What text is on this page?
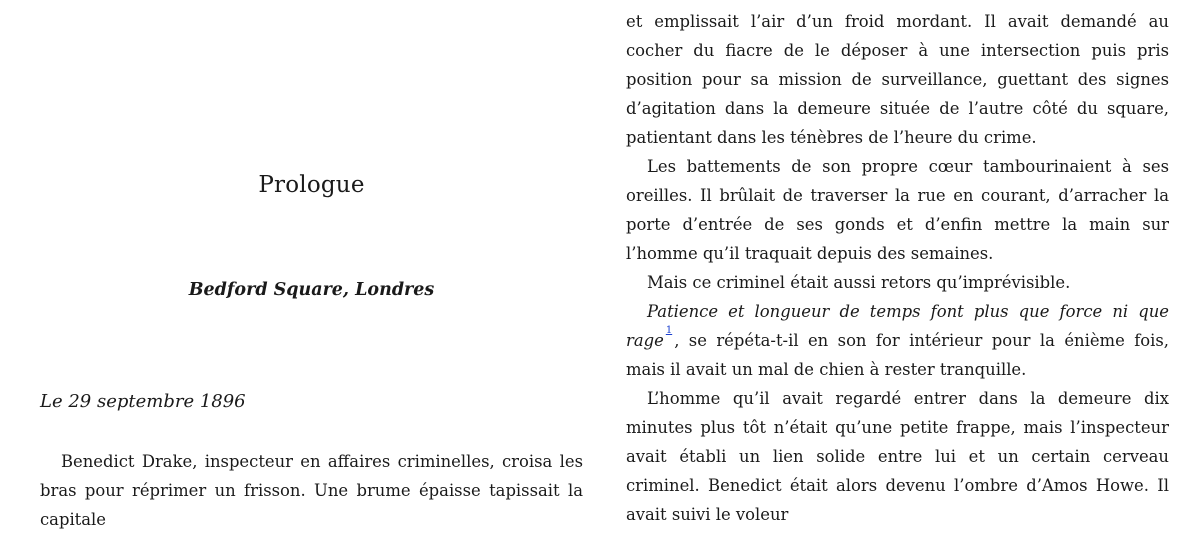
Prologue
Bedford Square, Londres

Le 29 septembre 1896

Benedict Drake, inspecteur en affaires criminelles, croisa les bras pour réprimer un frisson. Une brume épaisse tapissait la capitale

et emplissait l’air d’un froid mordant. Il avait demandé au cocher du fiacre de le déposer à une intersection puis pris position pour sa mission de surveillance, guettant des signes d’agitation dans la demeure située de l’autre côté du square, patientant dans les ténèbres de l’heure du crime.

Les battements de son propre cœur tambourinaient à ses oreilles. Il brûlait de traverser la rue en courant, d’arracher la porte d’entrée de ses gonds et d’enfin mettre la main sur l’homme qu’il traquait depuis des semaines.

Mais ce criminel était aussi retors qu’imprévisible.

Patience et longueur de temps font plus que force ni que rage$^1$, se répéta-t-il en son for intérieur pour la énième fois, mais il avait un mal de chien à rester tranquille.

L’homme qu’il avait regardé entrer dans la demeure dix minutes plus tôt n’était qu’une petite frappe, mais l’inspecteur avait établi un lien solide entre lui et un certain cerveau criminel. Benedict était alors devenu l’ombre d’Amos Howe. Il avait suivi le voleur
